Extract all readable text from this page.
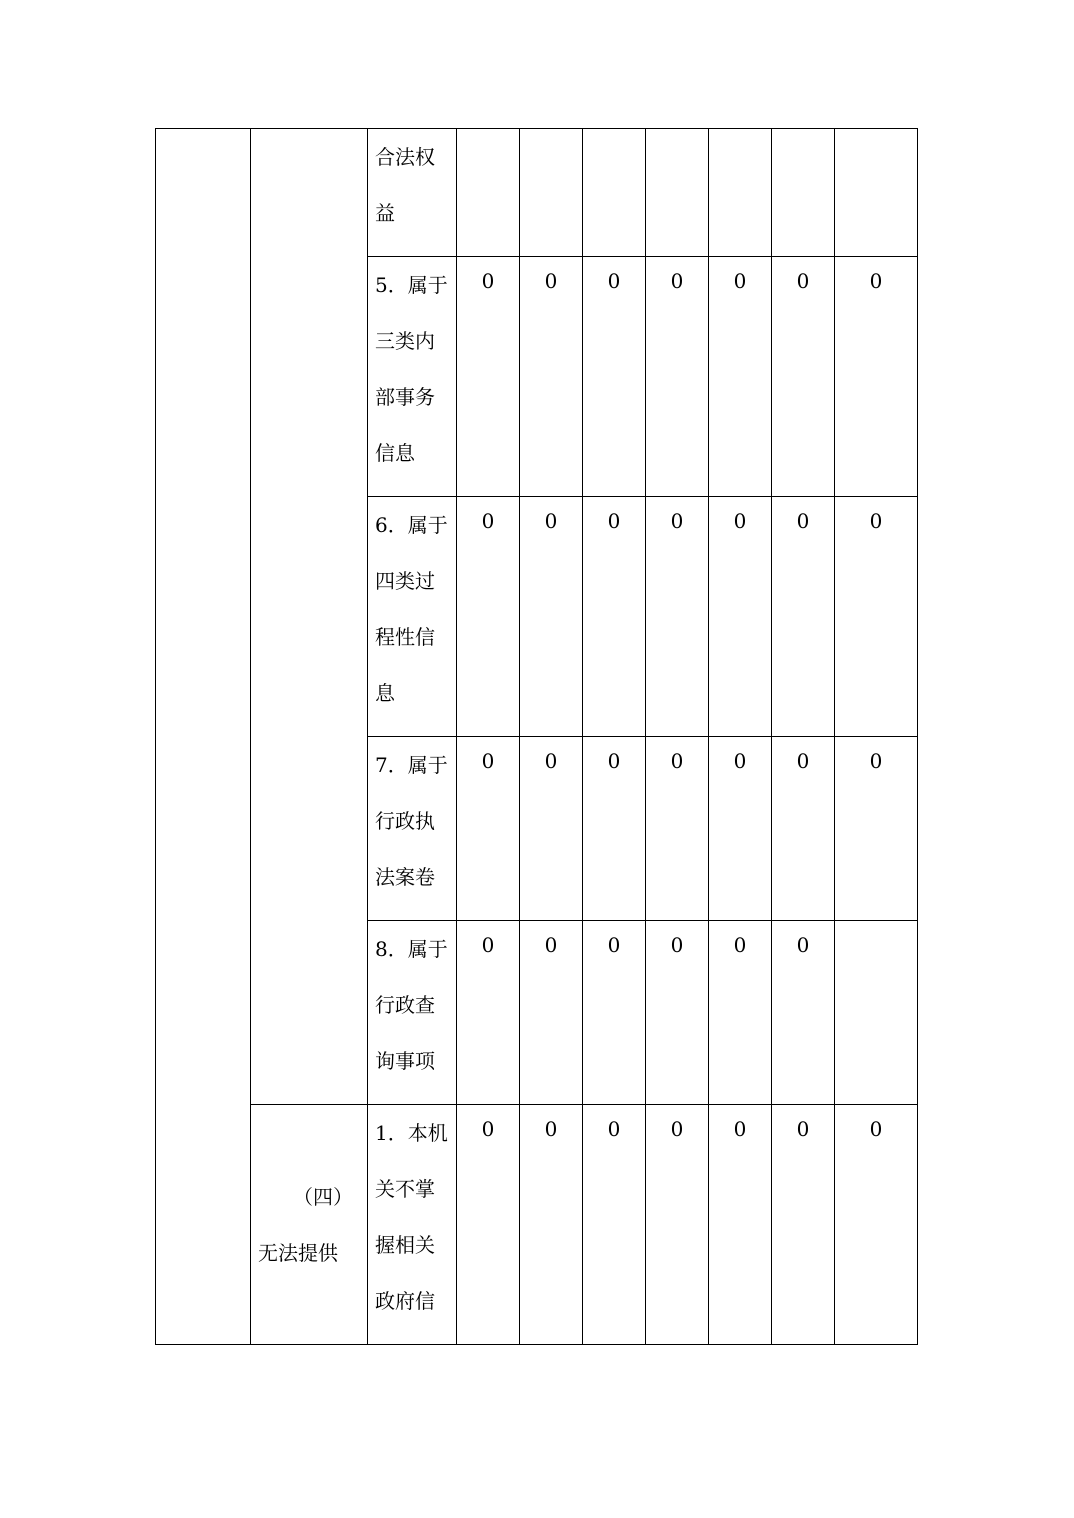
		合法权
益							

		5．属于
三类内
部事务
信息	0	0	0	0	0	0	0

		6．属于
四类过
程性信
息	0	0	0	0	0	0	0

		7．属于
行政执
法案卷	0	0	0	0	0	0	0

		8．属于
行政查
询事项	0	0	0	0	0	0	

	（四）
无法提供	1．本机
关不掌
握相关
政府信	0	0	0	0	0	0	0
